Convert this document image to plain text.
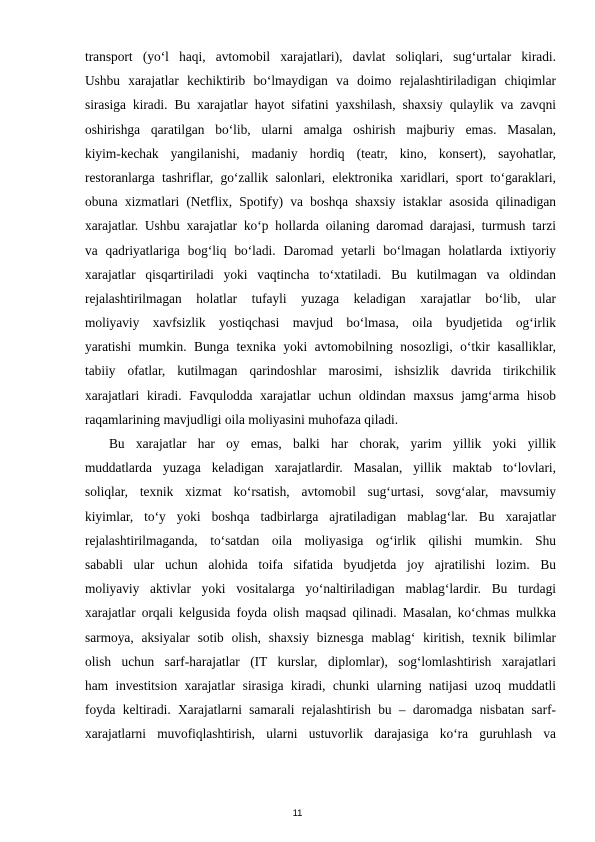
transport (yo‘l haqi, avtomobil xarajatlari), davlat soliqlari, sug‘urtalar kiradi.
Ushbu xarajatlar kechiktirib bo‘lmaydigan va doimo rejalashtiriladigan chiqimlar
sirasiga kiradi. Bu xarajatlar hayot sifatini yaxshilash, shaxsiy qulaylik va zavqni
oshirishga qaratilgan bo‘lib, ularni amalga oshirish majburiy emas. Masalan,
kiyim-kechak yangilanishi, madaniy hordiq (teatr, kino, konsert), sayohatlar,
restoranlarga tashriflar, go‘zallik salonlari, elektronika xaridlari, sport to‘garaklari,
obuna xizmatlari (Netflix, Spotify) va boshqa shaxsiy istaklar asosida qilinadigan
xarajatlar. Ushbu xarajatlar ko‘p hollarda oilaning daromad darajasi, turmush tarzi
va qadriyatlariga bog‘liq bo‘ladi. Daromad yetarli bo‘lmagan holatlarda ixtiyoriy
xarajatlar qisqartiriladi yoki vaqtincha to‘xtatiladi. Bu kutilmagan va oldindan
rejalashtirilmagan holatlar tufayli yuzaga keladigan xarajatlar bo‘lib, ular
moliyaviy xavfsizlik yostiqchasi mavjud bo‘lmasa, oila byudjetida og‘irlik
yaratishi mumkin. Bunga texnika yoki avtomobilning nosozligi, o‘tkir kasalliklar,
tabiiy ofatlar, kutilmagan qarindoshlar marosimi, ishsizlik davrida tirikchilik
xarajatlari kiradi. Favqulodda xarajatlar uchun oldindan maxsus jamg‘arma hisob
raqamlarining mavjudligi oila moliyasini muhofaza qiladi.
Bu xarajatlar har oy emas, balki har chorak, yarim yillik yoki yillik
muddatlarda yuzaga keladigan xarajatlardir. Masalan, yillik maktab to‘lovlari,
soliqlar, texnik xizmat ko‘rsatish, avtomobil sug‘urtasi, sovg‘alar, mavsumiy
kiyimlar, to‘y yoki boshqa tadbirlarga ajratiladigan mablag‘lar. Bu xarajatlar
rejalashtirilmaganda, to‘satdan oila moliyasiga og‘irlik qilishi mumkin. Shu
sababli ular uchun alohida toifa sifatida byudjetda joy ajratilishi lozim. Bu
moliyaviy aktivlar yoki vositalarga yo‘naltiriladigan mablag‘lardir. Bu turdagi
xarajatlar orqali kelgusida foyda olish maqsad qilinadi. Masalan, ko‘chmas mulkka
sarmoya, aksiyalar sotib olish, shaxsiy biznesga mablag‘ kiritish, texnik bilimlar
olish uchun sarf-harajatlar (IT kurslar, diplomlar), sog‘lomlashtirish xarajatlari
ham investitsion xarajatlar sirasiga kiradi, chunki ularning natijasi uzoq muddatli
foyda keltiradi. Xarajatlarni samarali rejalashtirish bu – daromadga nisbatan sarf-
xarajatlarni muvofiqlashtirish, ularni ustuvorlik darajasiga ko‘ra guruhlash va
11
